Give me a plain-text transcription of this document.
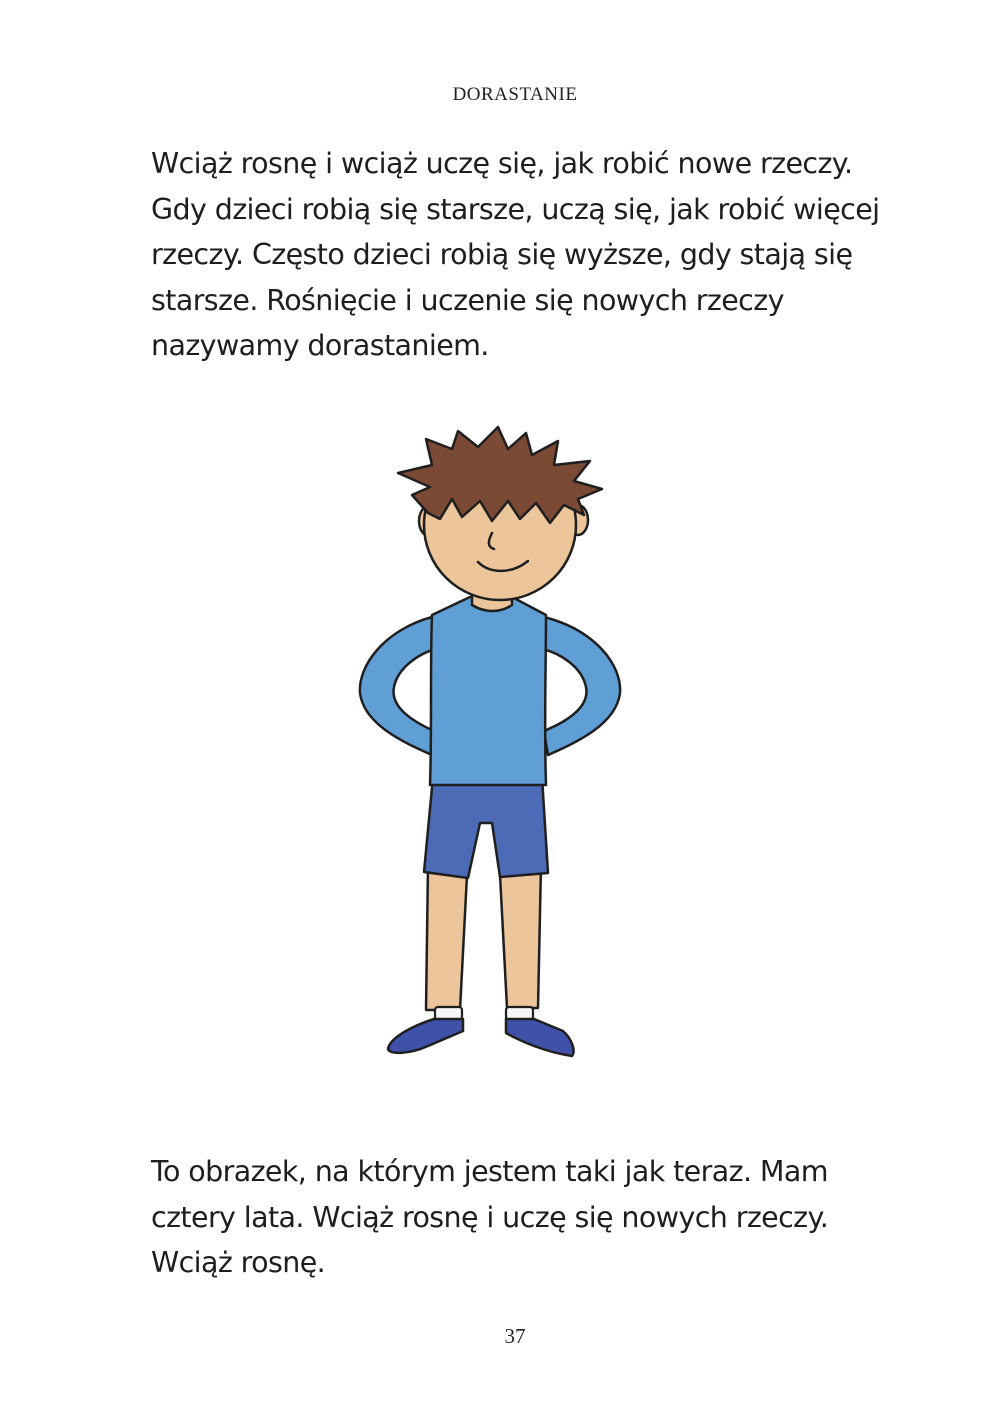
DORASTANIE

Wciąż rosnę i wciąż uczę się, jak robić nowe rzeczy.
Gdy dzieci robią się starsze, uczą się, jak robić więcej
rzeczy. Często dzieci robią się wyższe, gdy stają się
starsze. Rośnięcie i uczenie się nowych rzeczy
nazywamy dorastaniem.

To obrazek, na którym jestem taki jak teraz. Mam
cztery lata. Wciąż rosnę i uczę się nowych rzeczy.
Wciąż rosnę.

37
